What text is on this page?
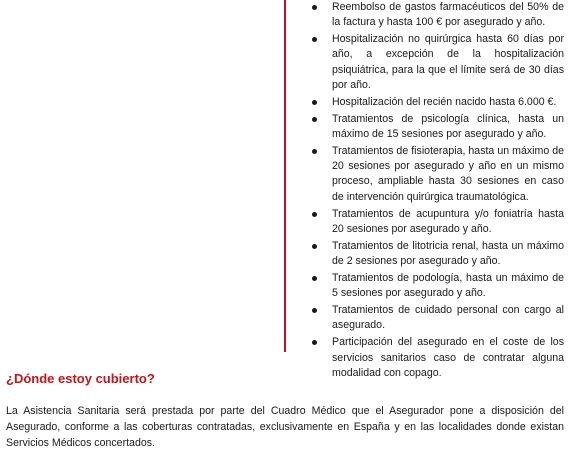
Reembolso de gastos farmacéuticos del 50% de la factura y hasta 100 € por asegurado y año.
Hospitalización no quirúrgica hasta 60 días por año, a excepción de la hospitalización psiquiátrica, para la que el límite será de 30 días por año.
Hospitalización del recién nacido hasta 6.000 €.
Tratamientos de psicología clínica, hasta un máximo de 15 sesiones por asegurado y año.
Tratamientos de fisioterapia, hasta un máximo de 20 sesiones por asegurado y año en un mismo proceso, ampliable hasta 30 sesiones en caso de intervención quirúrgica traumatológica.
Tratamientos de acupuntura y/o foniatría hasta 20 sesiones por asegurado y año.
Tratamientos de litotricia renal, hasta un máximo de 2 sesiones por asegurado y año.
Tratamientos de podología, hasta un máximo de 5 sesiones por asegurado y año.
Tratamientos de cuidado personal con cargo al asegurado.
Participación del asegurado en el coste de los servicios sanitarios caso de contratar alguna modalidad con copago.
¿Dónde estoy cubierto?

La Asistencia Sanitaria será prestada por parte del Cuadro Médico que el Asegurador pone a disposición del Asegurado, conforme a las coberturas contratadas, exclusivamente en España y en las localidades donde existan Servicios Médicos concertados.
